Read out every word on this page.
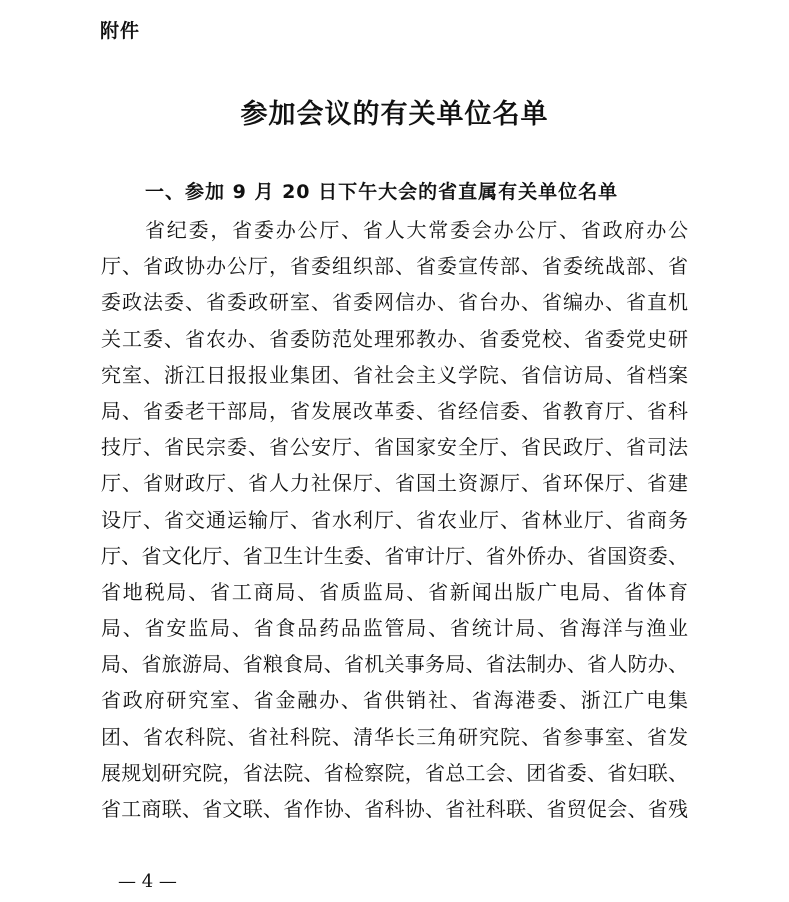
附件
参加会议的有关单位名单
一、参加 9 月 20 日下午大会的省直属有关单位名单
省纪委，省委办公厅、省人大常委会办公厅、省政府办公
厅、省政协办公厅，省委组织部、省委宣传部、省委统战部、省
委政法委、省委政研室、省委网信办、省台办、省编办、省直机
关工委、省农办、省委防范处理邪教办、省委党校、省委党史研
究室、浙江日报报业集团、省社会主义学院、省信访局、省档案
局、省委老干部局，省发展改革委、省经信委、省教育厅、省科
技厅、省民宗委、省公安厅、省国家安全厅、省民政厅、省司法
厅、省财政厅、省人力社保厅、省国土资源厅、省环保厅、省建
设厅、省交通运输厅、省水利厅、省农业厅、省林业厅、省商务
厅、省文化厅、省卫生计生委、省审计厅、省外侨办、省国资委、
省地税局、省工商局、省质监局、省新闻出版广电局、省体育
局、省安监局、省食品药品监管局、省统计局、省海洋与渔业
局、省旅游局、省粮食局、省机关事务局、省法制办、省人防办、
省政府研究室、省金融办、省供销社、省海港委、浙江广电集
团、省农科院、省社科院、清华长三角研究院、省参事室、省发
展规划研究院，省法院、省检察院，省总工会、团省委、省妇联、
省工商联、省文联、省作协、省科协、省社科联、省贸促会、省残
— 4 —
